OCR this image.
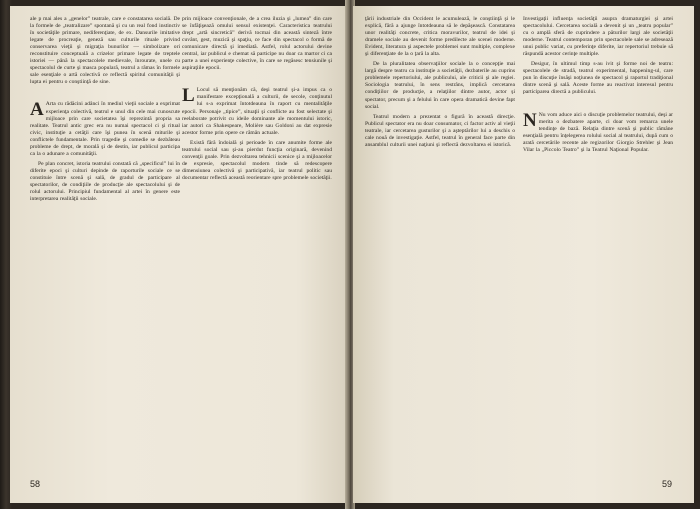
ale p mai ales a „genelor” teatrale, care e constatarea socială. De la formele de „teatralizare” spontană şi cu un real fond instinctiv în societăţile primare, nediferenţiate, de ex. Dansurile imitative legate de procreaţie, geneză sau culturile rituale privind conservarea vieţii şi migraţia bunurilor — simbolizare ori reconstituire conceptuală a crizelor primare legate de treptele istoriei — până la spectacolele medievale, înrourate, unele cu spectacolul de curte şi masca populară, teatrul a rămas în formele sale esenţiale o artă colectivă ce reflectă spiritul comunităţii şi lupta ei pentru o conştiinţă de sine.

A Arta cu rădăcini adânci în mediul vieţii sociale a exprimat experienţa colectivă, teatrul e unul din cele mai cunoscute mijloace prin care societatea îşi reprezintă propria sa realitate. Teatrul antic grec era nu numai spectacol ci şi ritual civic, instituţie a cetăţii care îşi punea în scenă miturile şi conflictele fundamentale. Prin tragedie şi comedie se dezbăteau probleme de drept, de morală şi de destin, iar publicul participa ca la o adunare a comunităţii.

Pe plan concret, istoria teatrului constată că „specificul” lui în diferite epoci şi culturi depinde de raporturile sociale ce se constituie între scenă şi sală, de gradul de participare al spectatorilor, de condiţiile de producţie ale spectacolului şi de rolul actorului. Principiul fundamental al artei în genere este interpretarea realităţii sociale.

prin mijloace convenţionale, de a crea iluzia şi „lumea” din care se înfăţişează omului sensul existenţei. Caracteristica teatrului drept „artă sincretică” derivă tocmai din această sinteză între cuvânt, gest, muzică şi spaţiu, ce face din spectacol o formă de comunicare directă şi imediată. Astfel, rolul actorului devine central, iar publicul e chemat să participe nu doar ca martor ci ca parte a unei experienţe colective, în care se regăsesc tensiunile şi aspiraţiile epocii.

L Locul să menţionăm că, deşi teatrul şi-a impus ca o manifestare excepţională a culturii, de secole, conţinutul lui s-a exprimat întotdeauna în raport cu mentalităţile epocii. Personaje „tipice”, situaţii şi conflicte au fost selectate şi reelaborate potrivit cu ideile dominante ale momentului istoric, iar autori ca Shakespeare, Molière sau Goldoni au dat expresie acestor forme prin opere ce rămân actuale.

Există fără îndoială şi perioade în care anumite forme ale teatrului social sau şi-au pierdut funcţia originară, devenind convenţii goale. Prin dezvoltarea tehnicii scenice şi a mijloacelor de expresie, spectacolul modern tinde să redescopere dimensiunea colectivă şi participativă, iar teatrul politic sau documentar reflectă această reorientare spre problemele societăţii.

58

ţării industriale din Occident le acumulează, le conştiinţă şi le explică, fără a ajunge întotdeauna să le depăşească. Constatarea unor realităţi concrete, critica moravurilor, teatrul de idei şi dramele sociale au devenit forme predilecte ale scenei moderne. Evident, literatura şi aspectele problemei sunt multiple, complexe şi diferenţiate de la o ţară la alta.

De la pluralitatea observaţiilor sociale la o concepţie mai largă despre teatru ca instituţie a societăţii, dezbaterile au cuprins problemele repertoriului, ale publicului, ale criticii şi ale regiei. Sociologia teatrului, în sens restrâns, implică cercetarea condiţiilor de producţie, a relaţiilor dintre autor, actor şi spectator, precum şi a felului în care opera dramatică devine fapt social.

Teatrul modern a prezentat o figură în această direcţie. Publicul spectator era nu doar consumator, ci factor activ al vieţii teatrale, iar cercetarea gusturilor şi a aşteptărilor lui a deschis o cale nouă de investigaţie. Astfel, teatrul în general face parte din ansamblul culturii unei naţiuni şi reflectă dezvoltarea ei istorică.

Investigaţii influenţa societăţii asupra dramaturgiei şi artei spectacolului. Cercetarea socială a devenit şi un „teatru popular” cu o amplă sferă de cuprindere a păturilor largi ale societăţii moderne. Teatrul contemporan prin spectacolele sale se adresează unui public variat, cu preferinţe diferite, iar repertoriul trebuie să răspundă acestor cerinţe multiple.

Desigur, în ultimul timp s-au ivit şi forme noi de teatru: spectacolele de stradă, teatrul experimental, happening-ul, care pun în discuţie însăşi noţiunea de spectacol şi raportul tradiţional dintre scenă şi sală. Aceste forme au reactivat interesul pentru participarea directă a publicului.

N Nu vom aduce aici o discuţie problemelor teatrului, deşi ar merita o dezbatere aparte, ci doar vom remarca unele tendinţe de bază. Relaţia dintre scenă şi public rămâne esenţială pentru înţelegerea rolului social al teatrului, după cum o arată cercetările recente ale regizorilor Giorgio Strehler şi Jean Vilar la „Piccolo Teatro” şi la Teatrul Naţional Popular.

59
